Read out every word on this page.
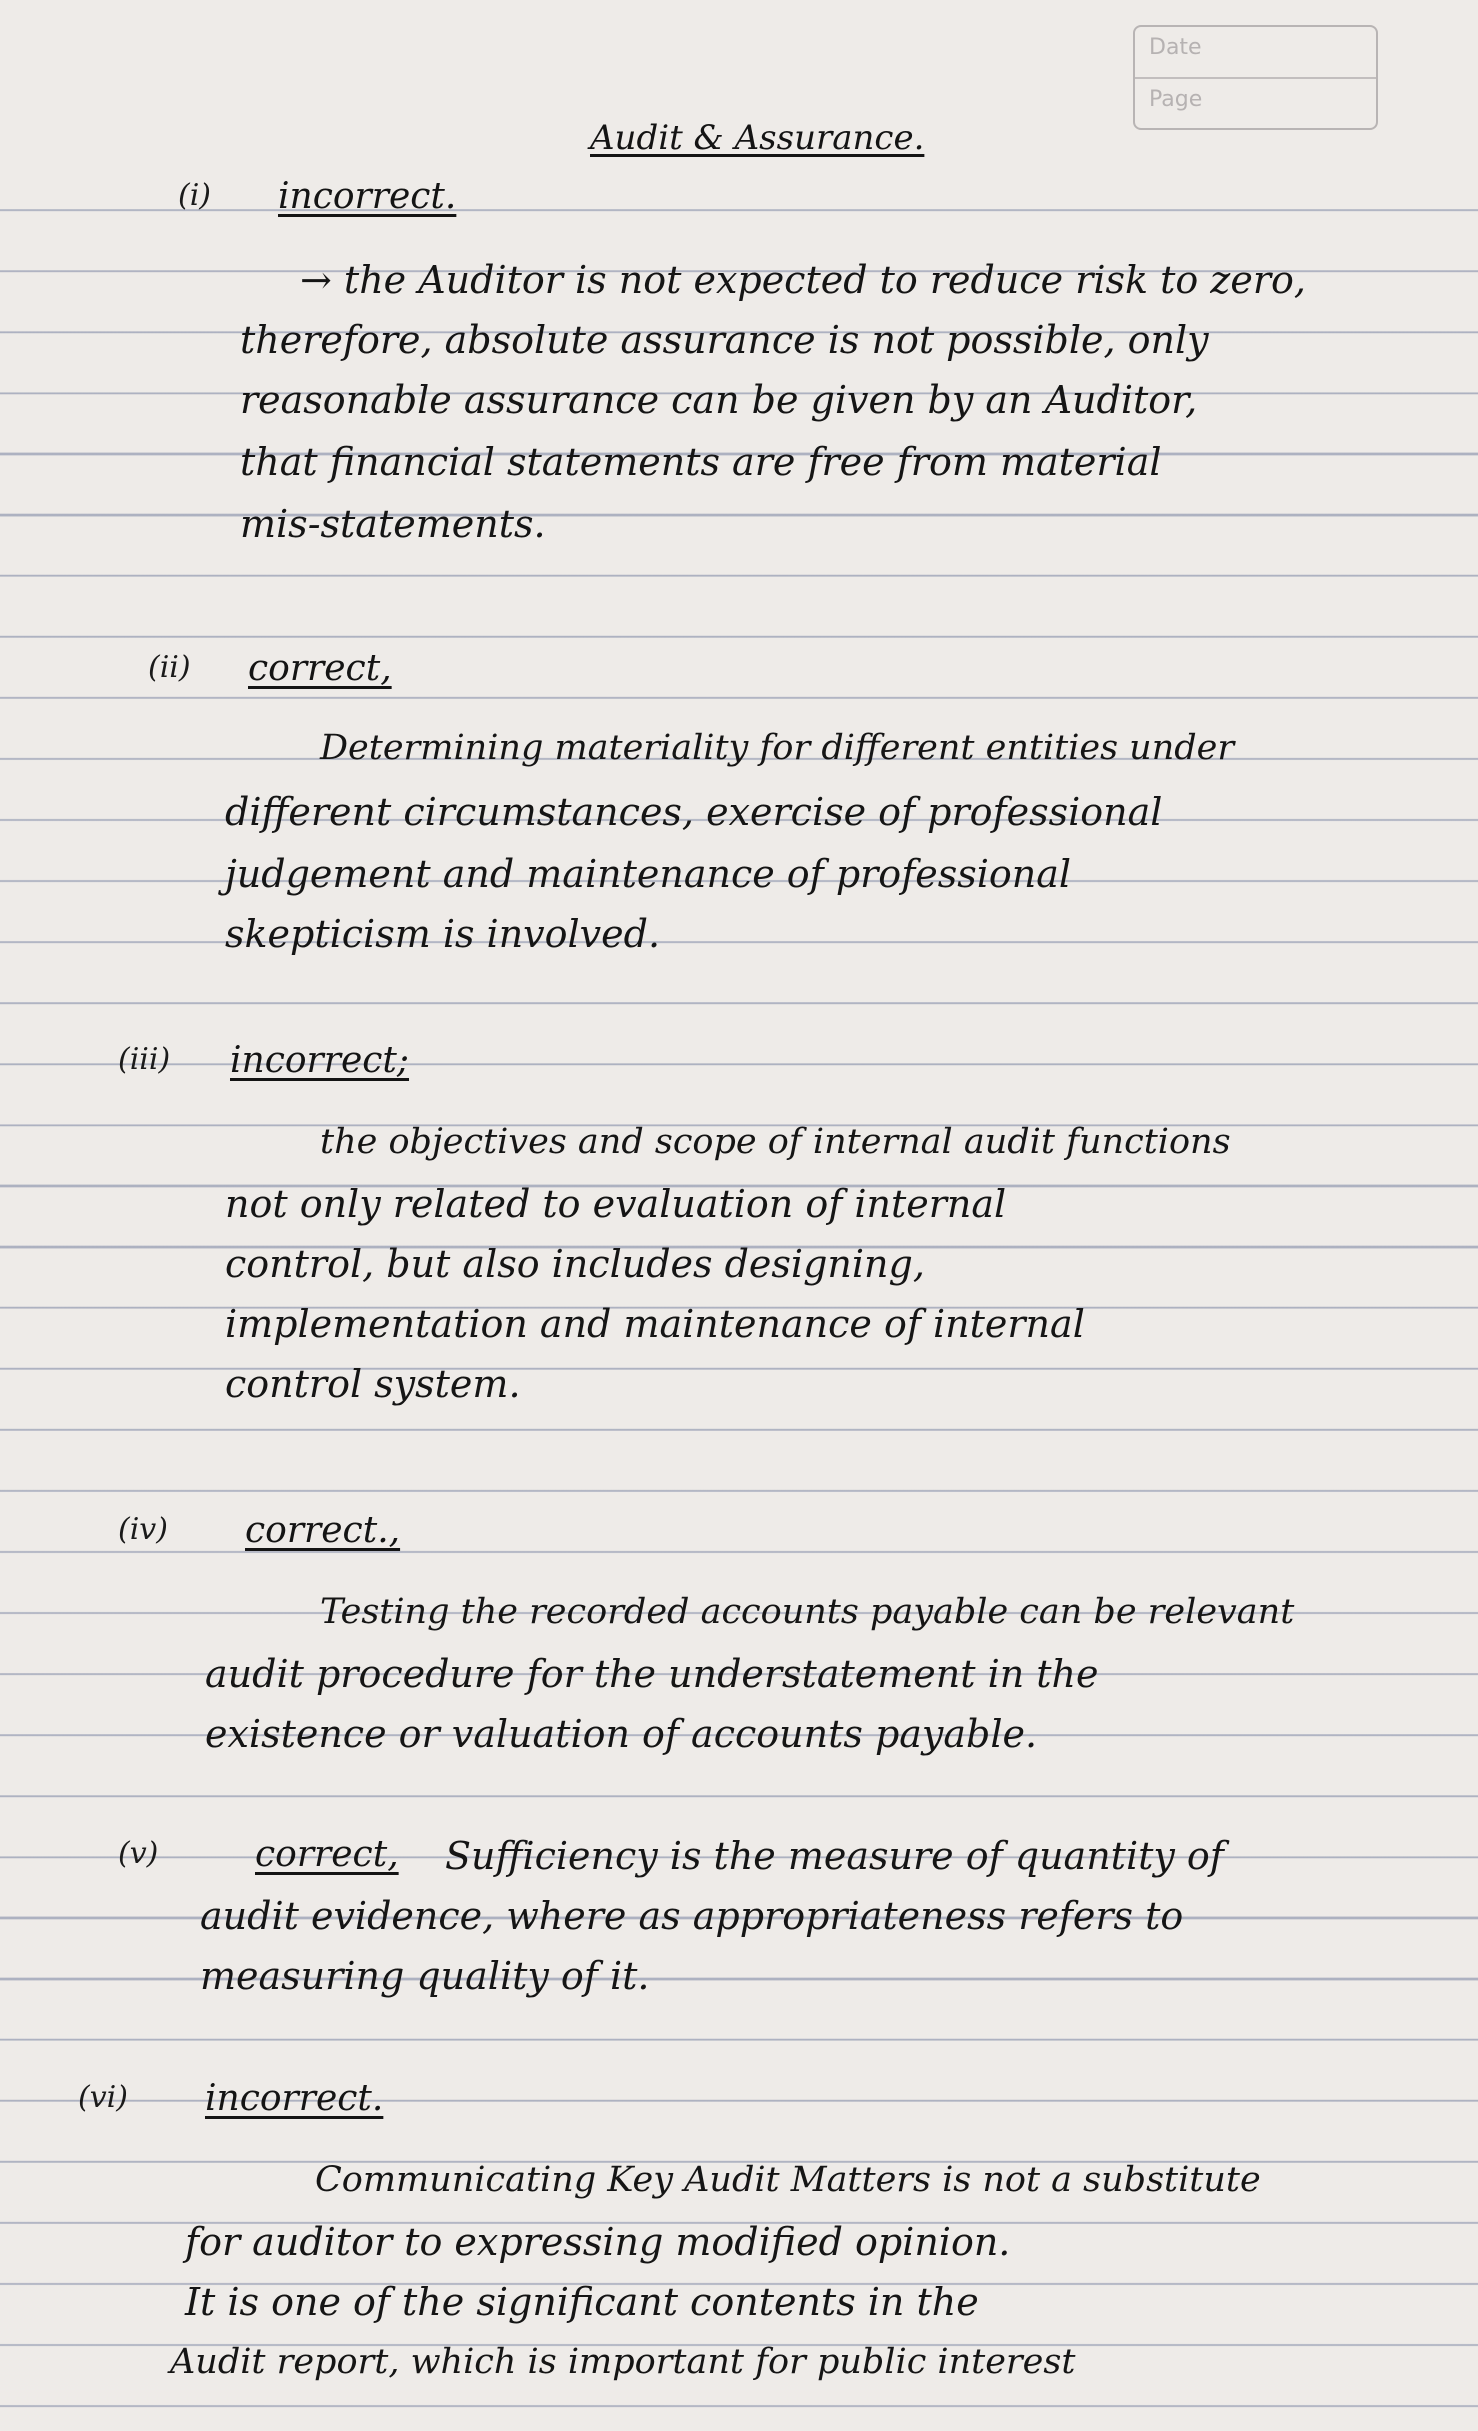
Date
Page
Audit & Assurance.
(i) incorrect.
→ the Auditor is not expected to reduce risk to zero,
therefore, absolute assurance is not possible, only
reasonable assurance can be given by an Auditor,
that financial statements are free from material
mis-statements.
(ii) correct,
Determining materiality for different entities under
different circumstances, exercise of professional
judgement and maintenance of professional
skepticism is involved.
(iii) incorrect;
the objectives and scope of internal audit functions
not only related to evaluation of internal
control, but also includes designing,
implementation and maintenance of internal
control system.
(iv) correct.,
Testing the recorded accounts payable can be relevant
audit procedure for the understatement in the
existence or valuation of accounts payable.
(v)	correct, Sufficiency is the measure of quantity of
audit evidence, where as appropriateness refers to
measuring quality of it.
(vi) incorrect.
Communicating Key Audit Matters is not a substitute
for auditor to expressing modified opinion.
It is one of the significant contents in the
Audit report, which is important for public interest
